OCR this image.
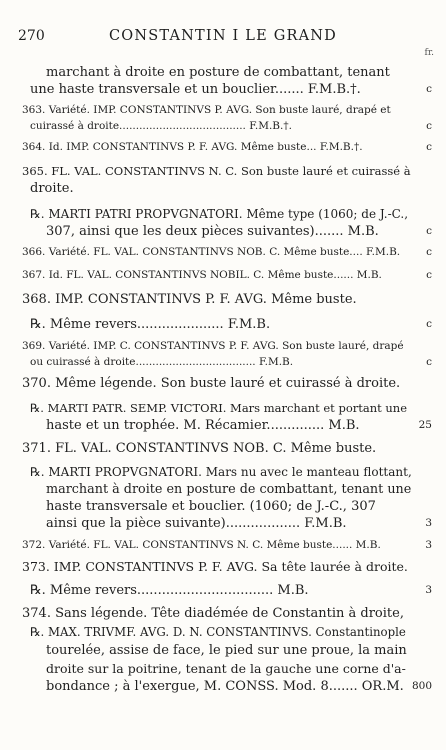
270	CONSTANTIN I LE GRAND
fr.
marchant à droite en posture de combattant, tenant
une haste transversale et un bouclier....... F.M.B.†.	c
363. Variété. IMP. CONSTANTINVS P. AVG. Son buste lauré, drapé et
cuirassé à droite...................................... F.M.B.†.	c
364. Id. IMP. CONSTANTINVS P. F. AVG. Même buste... F.M.B.†.	c
365. FL. VAL. CONSTANTINVS N. C. Son buste lauré et cuirassé à
droite.
℞. MARTI PATRI PROPVGNATORI. Même type (1060; de J.-C.,
307, ainsi que les deux pièces suivantes)....... M.B.	c
366. Variété. FL. VAL. CONSTANTINVS NOB. C. Même buste.... F.M.B. c
367. Id. FL. VAL. CONSTANTINVS NOBIL. C. Même buste...... M.B.	c
368. IMP. CONSTANTINVS P. F. AVG. Même buste.
℞. Même revers..................... F.M.B.	c
369. Variété. IMP. C. CONSTANTINVS P. F. AVG. Son buste lauré, drapé
ou cuirassé à droite.................................... F.M.B.	c
370. Même légende. Son buste lauré et cuirassé à droite.
℞. MARTI PATR. SEMP. VICTORI. Mars marchant et portant une
haste et un trophée. M. Récamier.............. M.B.	25
371. FL. VAL. CONSTANTINVS NOB. C. Même buste.
℞. MARTI PROPVGNATORI. Mars nu avec le manteau flottant,
marchant à droite en posture de combattant, tenant une
haste transversale et bouclier. (1060; de J.-C., 307
ainsi que la pièce suivante).................. F.M.B.	3
372. Variété. FL. VAL. CONSTANTINVS N. C. Même buste...... M.B.	3
373. IMP. CONSTANTINVS P. F. AVG. Sa tête laurée à droite.
℞. Même revers................................. M.B.	3
374. Sans légende. Tête diadémée de Constantin à droite,
℞. MAX. TRIVMF. AVG. D. N. CONSTANTINVS. Constantinople
tourelée, assise de face, le pied sur une proue, la main
droite sur la poitrine, tenant de la gauche une corne d'a-
bondance ; à l'exergue, M. CONSS. Mod. 8....... OR.M. 800
